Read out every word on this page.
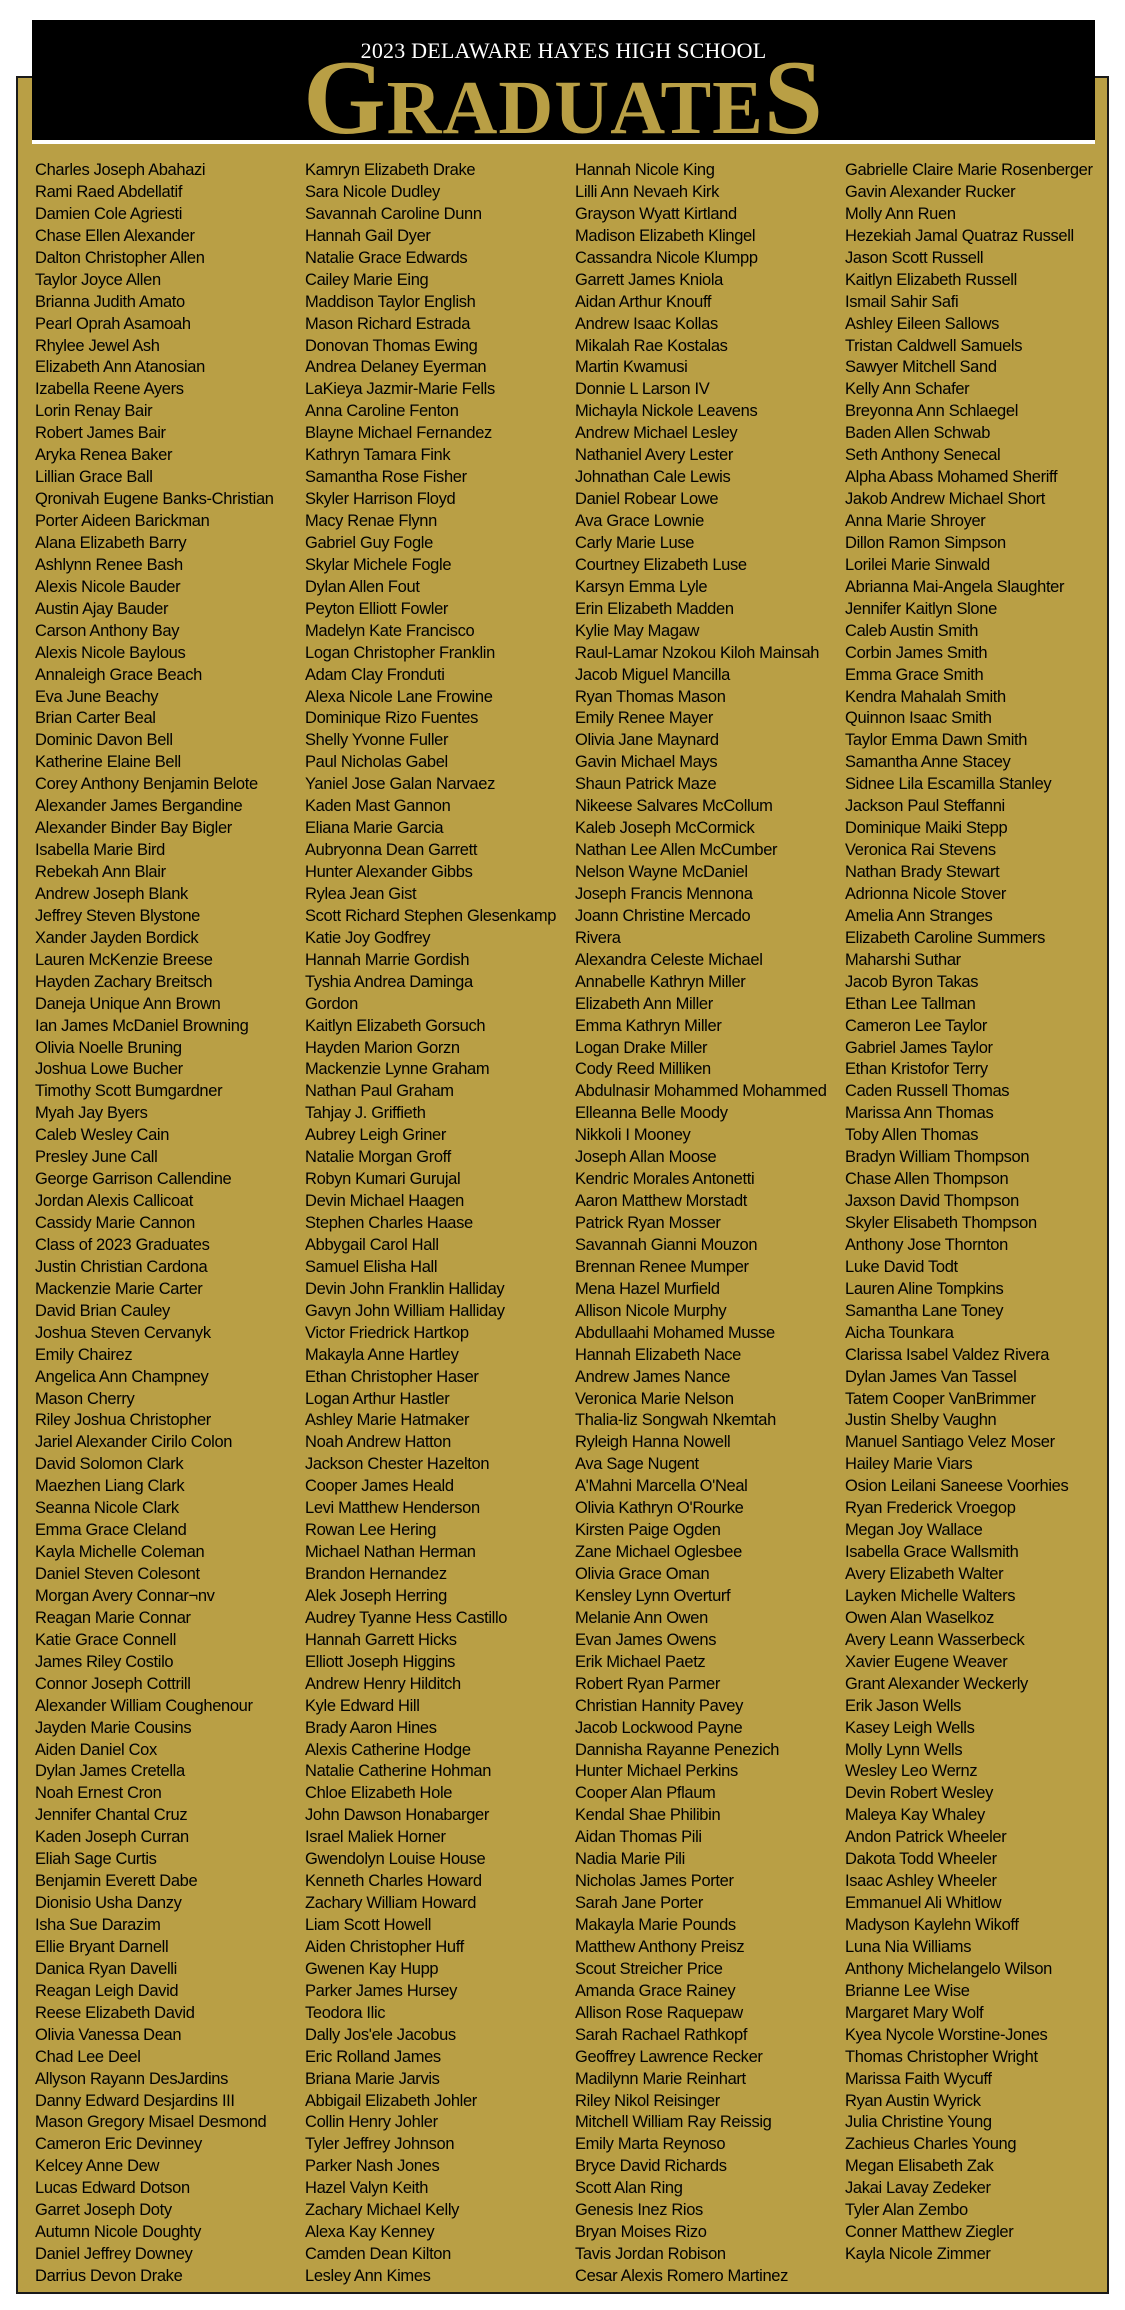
2023 DELAWARE HAYES HIGH SCHOOL
GRADUATES
Charles Joseph Abahazi
Rami Raed Abdellatif
Damien Cole Agriesti
Chase Ellen Alexander
Dalton Christopher Allen
Taylor Joyce Allen
Brianna Judith Amato
Pearl Oprah Asamoah
Rhylee Jewel Ash
Elizabeth Ann Atanosian
Izabella Reene Ayers
Lorin Renay Bair
Robert James Bair
Aryka Renea Baker
Lillian Grace Ball
Qronivah Eugene Banks-Christian
Porter Aideen Barickman
Alana Elizabeth Barry
Ashlynn Renee Bash
Alexis Nicole Bauder
Austin Ajay Bauder
Carson Anthony Bay
Alexis Nicole Baylous
Annaleigh Grace Beach
Eva June Beachy
Brian Carter Beal
Dominic Davon Bell
Katherine Elaine Bell
Corey Anthony Benjamin Belote
Alexander James Bergandine
Alexander Binder Bay Bigler
Isabella Marie Bird
Rebekah Ann Blair
Andrew Joseph Blank
Jeffrey Steven Blystone
Xander Jayden Bordick
Lauren McKenzie Breese
Hayden Zachary Breitsch
Daneja Unique Ann Brown
Ian James McDaniel Browning
Olivia Noelle Bruning
Joshua Lowe Bucher
Timothy Scott Bumgardner
Myah Jay Byers
Caleb Wesley Cain
Presley June Call
George Garrison Callendine
Jordan Alexis Callicoat
Cassidy Marie Cannon
Class of 2023 Graduates
Justin Christian Cardona
Mackenzie Marie Carter
David Brian Cauley
Joshua Steven Cervanyk
Emily Chairez
Angelica Ann Champney
Mason Cherry
Riley Joshua Christopher
Jariel Alexander Cirilo Colon
David Solomon Clark
Maezhen Liang Clark
Seanna Nicole Clark
Emma Grace Cleland
Kayla Michelle Coleman
Daniel Steven Colesont
Morgan Avery Connar¬nv
Reagan Marie Connar
Katie Grace Connell
James Riley Costilo
Connor Joseph Cottrill
Alexander William Coughenour
Jayden Marie Cousins
Aiden Daniel Cox
Dylan James Cretella
Noah Ernest Cron
Jennifer Chantal Cruz
Kaden Joseph Curran
Eliah Sage Curtis
Benjamin Everett Dabe
Dionisio Usha Danzy
Isha Sue Darazim
Ellie Bryant Darnell
Danica Ryan Davelli
Reagan Leigh David
Reese Elizabeth David
Olivia Vanessa Dean
Chad Lee Deel
Allyson Rayann DesJardins
Danny Edward Desjardins III
Mason Gregory Misael Desmond
Cameron Eric Devinney
Kelcey Anne Dew
Lucas Edward Dotson
Garret Joseph Doty
Autumn Nicole Doughty
Daniel Jeffrey Downey
Darrius Devon Drake
Kamryn Elizabeth Drake
Sara Nicole Dudley
Savannah Caroline Dunn
Hannah Gail Dyer
Natalie Grace Edwards
Cailey Marie Eing
Maddison Taylor English
Mason Richard Estrada
Donovan Thomas Ewing
Andrea Delaney Eyerman
LaKieya Jazmir-Marie Fells
Anna Caroline Fenton
Blayne Michael Fernandez
Kathryn Tamara Fink
Samantha Rose Fisher
Skyler Harrison Floyd
Macy Renae Flynn
Gabriel Guy Fogle
Skylar Michele Fogle
Dylan Allen Fout
Peyton Elliott Fowler
Madelyn Kate Francisco
Logan Christopher Franklin
Adam Clay Fronduti
Alexa Nicole Lane Frowine
Dominique Rizo Fuentes
Shelly Yvonne Fuller
Paul Nicholas Gabel
Yaniel Jose Galan Narvaez
Kaden Mast Gannon
Eliana Marie Garcia
Aubryonna Dean Garrett
Hunter Alexander Gibbs
Rylea Jean Gist
Scott Richard Stephen Glesenkamp
Katie Joy Godfrey
Hannah Marrie Gordish
Tyshia Andrea Daminga
Gordon
Kaitlyn Elizabeth Gorsuch
Hayden Marion Gorzn
Mackenzie Lynne Graham
Nathan Paul Graham
Tahjay J. Griffieth
Aubrey Leigh Griner
Natalie Morgan Groff
Robyn Kumari Gurujal
Devin Michael Haagen
Stephen Charles Haase
Abbygail Carol Hall
Samuel Elisha Hall
Devin John Franklin Halliday
Gavyn John William Halliday
Victor Friedrick Hartkop
Makayla Anne Hartley
Ethan Christopher Haser
Logan Arthur Hastler
Ashley Marie Hatmaker
Noah Andrew Hatton
Jackson Chester Hazelton
Cooper James Heald
Levi Matthew Henderson
Rowan Lee Hering
Michael Nathan Herman
Brandon Hernandez
Alek Joseph Herring
Audrey Tyanne Hess Castillo
Hannah Garrett Hicks
Elliott Joseph Higgins
Andrew Henry Hilditch
Kyle Edward Hill
Brady Aaron Hines
Alexis Catherine Hodge
Natalie Catherine Hohman
Chloe Elizabeth Hole
John Dawson Honabarger
Israel Maliek Horner
Gwendolyn Louise House
Kenneth Charles Howard
Zachary William Howard
Liam Scott Howell
Aiden Christopher Huff
Gwenen Kay Hupp
Parker James Hursey
Teodora Ilic
Dally Jos'ele Jacobus
Eric Rolland James
Briana Marie Jarvis
Abbigail Elizabeth Johler
Collin Henry Johler
Tyler Jeffrey Johnson
Parker Nash Jones
Hazel Valyn Keith
Zachary Michael Kelly
Alexa Kay Kenney
Camden Dean Kilton
Lesley Ann Kimes
Hannah Nicole King
Lilli Ann Nevaeh Kirk
Grayson Wyatt Kirtland
Madison Elizabeth Klingel
Cassandra Nicole Klumpp
Garrett James Kniola
Aidan Arthur Knouff
Andrew Isaac Kollas
Mikalah Rae Kostalas
Martin Kwamusi
Donnie L Larson IV
Michayla Nickole Leavens
Andrew Michael Lesley
Nathaniel Avery Lester
Johnathan Cale Lewis
Daniel Robear Lowe
Ava Grace Lownie
Carly Marie Luse
Courtney Elizabeth Luse
Karsyn Emma Lyle
Erin Elizabeth Madden
Kylie May Magaw
Raul-Lamar Nzokou Kiloh Mainsah
Jacob Miguel Mancilla
Ryan Thomas Mason
Emily Renee Mayer
Olivia Jane Maynard
Gavin Michael Mays
Shaun Patrick Maze
Nikeese Salvares McCollum
Kaleb Joseph McCormick
Nathan Lee Allen McCumber
Nelson Wayne McDaniel
Joseph Francis Mennona
Joann Christine Mercado
Rivera
Alexandra Celeste Michael
Annabelle Kathryn Miller
Elizabeth Ann Miller
Emma Kathryn Miller
Logan Drake Miller
Cody Reed Milliken
Abdulnasir Mohammed Mohammed
Elleanna Belle Moody
Nikkoli I Mooney
Joseph Allan Moose
Kendric Morales Antonetti
Aaron Matthew Morstadt
Patrick Ryan Mosser
Savannah Gianni Mouzon
Brennan Renee Mumper
Mena Hazel Murfield
Allison Nicole Murphy
Abdullaahi Mohamed Musse
Hannah Elizabeth Nace
Andrew James Nance
Veronica Marie Nelson
Thalia-liz Songwah Nkemtah
Ryleigh Hanna Nowell
Ava Sage Nugent
A'Mahni Marcella O'Neal
Olivia Kathryn O'Rourke
Kirsten Paige Ogden
Zane Michael Oglesbee
Olivia Grace Oman
Kensley Lynn Overturf
Melanie Ann Owen
Evan James Owens
Erik Michael Paetz
Robert Ryan Parmer
Christian Hannity Pavey
Jacob Lockwood Payne
Dannisha Rayanne Penezich
Hunter Michael Perkins
Cooper Alan Pflaum
Kendal Shae Philibin
Aidan Thomas Pili
Nadia Marie Pili
Nicholas James Porter
Sarah Jane Porter
Makayla Marie Pounds
Matthew Anthony Preisz
Scout Streicher Price
Amanda Grace Rainey
Allison Rose Raquepaw
Sarah Rachael Rathkopf
Geoffrey Lawrence Recker
Madilynn Marie Reinhart
Riley Nikol Reisinger
Mitchell William Ray Reissig
Emily Marta Reynoso
Bryce David Richards
Scott Alan Ring
Genesis Inez Rios
Bryan Moises Rizo
Tavis Jordan Robison
Cesar Alexis Romero Martinez
Gabrielle Claire Marie Rosenberger
Gavin Alexander Rucker
Molly Ann Ruen
Hezekiah Jamal Quatraz Russell
Jason Scott Russell
Kaitlyn Elizabeth Russell
Ismail Sahir Safi
Ashley Eileen Sallows
Tristan Caldwell Samuels
Sawyer Mitchell Sand
Kelly Ann Schafer
Breyonna Ann Schlaegel
Baden Allen Schwab
Seth Anthony Senecal
Alpha Abass Mohamed Sheriff
Jakob Andrew Michael Short
Anna Marie Shroyer
Dillon Ramon Simpson
Lorilei Marie Sinwald
Abrianna Mai-Angela Slaughter
Jennifer Kaitlyn Slone
Caleb Austin Smith
Corbin James Smith
Emma Grace Smith
Kendra Mahalah Smith
Quinnon Isaac Smith
Taylor Emma Dawn Smith
Samantha Anne Stacey
Sidnee Lila Escamilla Stanley
Jackson Paul Steffanni
Dominique Maiki Stepp
Veronica Rai Stevens
Nathan Brady Stewart
Adrionna Nicole Stover
Amelia Ann Stranges
Elizabeth Caroline Summers
Maharshi Suthar
Jacob Byron Takas
Ethan Lee Tallman
Cameron Lee Taylor
Gabriel James Taylor
Ethan Kristofor Terry
Caden Russell Thomas
Marissa Ann Thomas
Toby Allen Thomas
Bradyn William Thompson
Chase Allen Thompson
Jaxson David Thompson
Skyler Elisabeth Thompson
Anthony Jose Thornton
Luke David Todt
Lauren Aline Tompkins
Samantha Lane Toney
Aicha Tounkara
Clarissa Isabel Valdez Rivera
Dylan James Van Tassel
Tatem Cooper VanBrimmer
Justin Shelby Vaughn
Manuel Santiago Velez Moser
Hailey Marie Viars
Osion Leilani Saneese Voorhies
Ryan Frederick Vroegop
Megan Joy Wallace
Isabella Grace Wallsmith
Avery Elizabeth Walter
Layken Michelle Walters
Owen Alan Waselkoz
Avery Leann Wasserbeck
Xavier Eugene Weaver
Grant Alexander Weckerly
Erik Jason Wells
Kasey Leigh Wells
Molly Lynn Wells
Wesley Leo Wernz
Devin Robert Wesley
Maleya Kay Whaley
Andon Patrick Wheeler
Dakota Todd Wheeler
Isaac Ashley Wheeler
Emmanuel Ali Whitlow
Madyson Kaylehn Wikoff
Luna Nia Williams
Anthony Michelangelo Wilson
Brianne Lee Wise
Margaret Mary Wolf
Kyea Nycole Worstine-Jones
Thomas Christopher Wright
Marissa Faith Wycuff
Ryan Austin Wyrick
Julia Christine Young
Zachieus Charles Young
Megan Elisabeth Zak
Jakai Lavay Zedeker
Tyler Alan Zembo
Conner Matthew Ziegler
Kayla Nicole Zimmer
